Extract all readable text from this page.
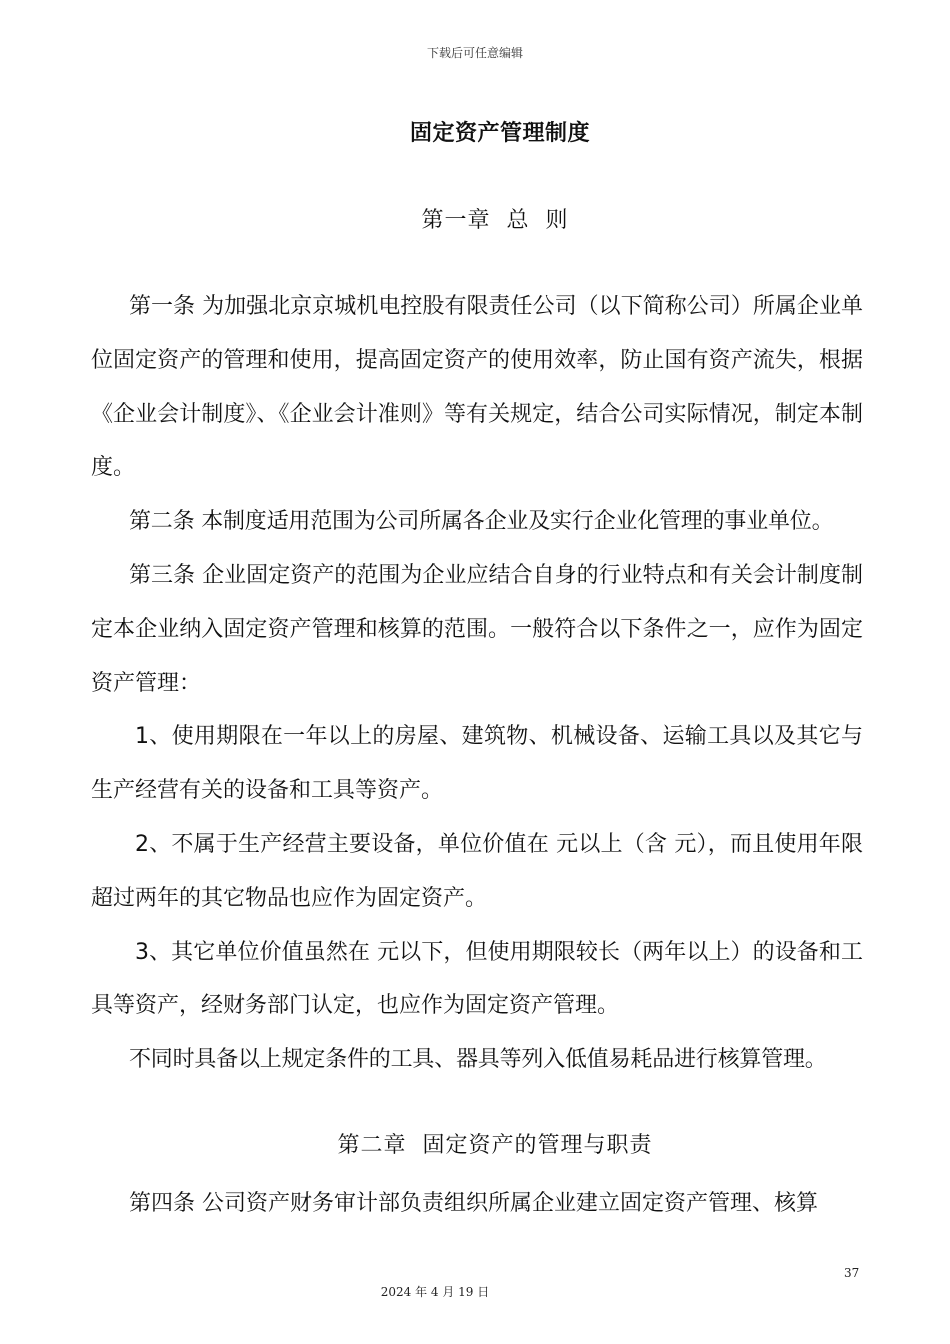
下载后可任意编辑
固定资产管理制度
第一章  总  则

第一条 为加强北京京城机电控股有限责任公司（以下简称公司）所属企业单位固定资产的管理和使用，提高固定资产的使用效率，防止国有资产流失，根据《企业会计制度》、《企业会计准则》等有关规定，结合公司实际情况，制定本制度。

第二条 本制度适用范围为公司所属各企业及实行企业化管理的事业单位。

第三条 企业固定资产的范围为企业应结合自身的行业特点和有关会计制度制定本企业纳入固定资产管理和核算的范围。一般符合以下条件之一，应作为固定资产管理：

1、使用期限在一年以上的房屋、建筑物、机械设备、运输工具以及其它与生产经营有关的设备和工具等资产。

2、不属于生产经营主要设备，单位价值在 元以上（含 元），而且使用年限超过两年的其它物品也应作为固定资产。

3、其它单位价值虽然在 元以下，但使用期限较长（两年以上）的设备和工具等资产，经财务部门认定，也应作为固定资产管理。

不同时具备以上规定条件的工具、器具等列入低值易耗品进行核算管理。

第二章  固定资产的管理与职责

第四条 公司资产财务审计部负责组织所属企业建立固定资产管理、核算

37
2024 年 4 月 19 日
